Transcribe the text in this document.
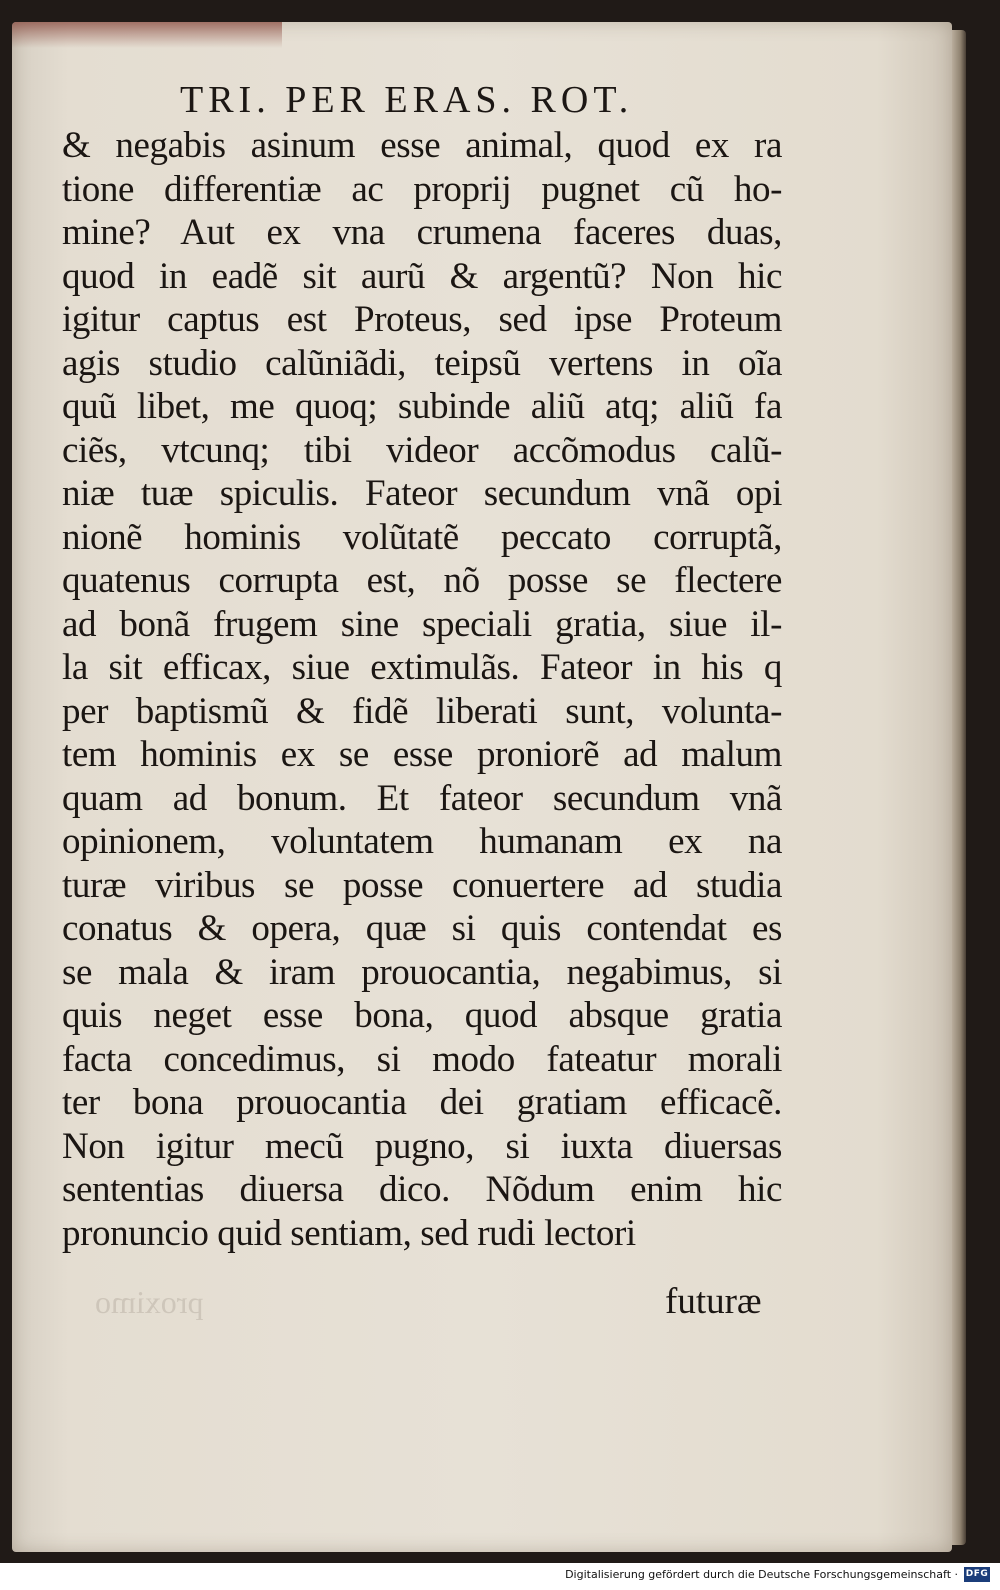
TRI. PER ERAS. ROT.
& negabis asinum esse animal, quod ex ra
tione differentiæ ac proprij pugnet cũ ho-
mine? Aut ex vna crumena faceres duas,
quod in eadẽ sit aurũ & argentũ? Non hic
igitur captus est Proteus, sed ipse Proteum
agis studio calũniãdi, teipsũ vertens in oĩa
quũ libet, me quoq; subinde aliũ atq; aliũ fa
ciẽs, vtcunq; tibi videor accõmodus calũ-
niæ tuæ spiculis. Fateor secundum vnã opi
nionẽ hominis volũtatẽ peccato corruptã,
quatenus corrupta est, nõ posse se flectere
ad bonã frugem sine speciali gratia, siue il-
la sit efficax, siue extimulãs. Fateor in his q
per baptismũ & fidẽ liberati sunt, volunta-
tem hominis ex se esse proniorẽ ad malum
quam ad bonum. Et fateor secundum vnã
opinionem, voluntatem humanam ex na
turæ viribus se posse conuertere ad studia
conatus & opera, quæ si quis contendat es
se mala & iram prouocantia, negabimus, si
quis neget esse bona, quod absque gratia
facta concedimus, si modo fateatur morali
ter bona prouocantia dei gratiam efficacẽ.
Non igitur mecũ pugno, si iuxta diuersas
sententias diuersa dico. Nõdum enim hic
pronuncio quid sentiam, sed rudi lectori
proximo	futuræ
Digitalisierung gefördert durch die Deutsche Forschungsgemeinschaft · DFG
